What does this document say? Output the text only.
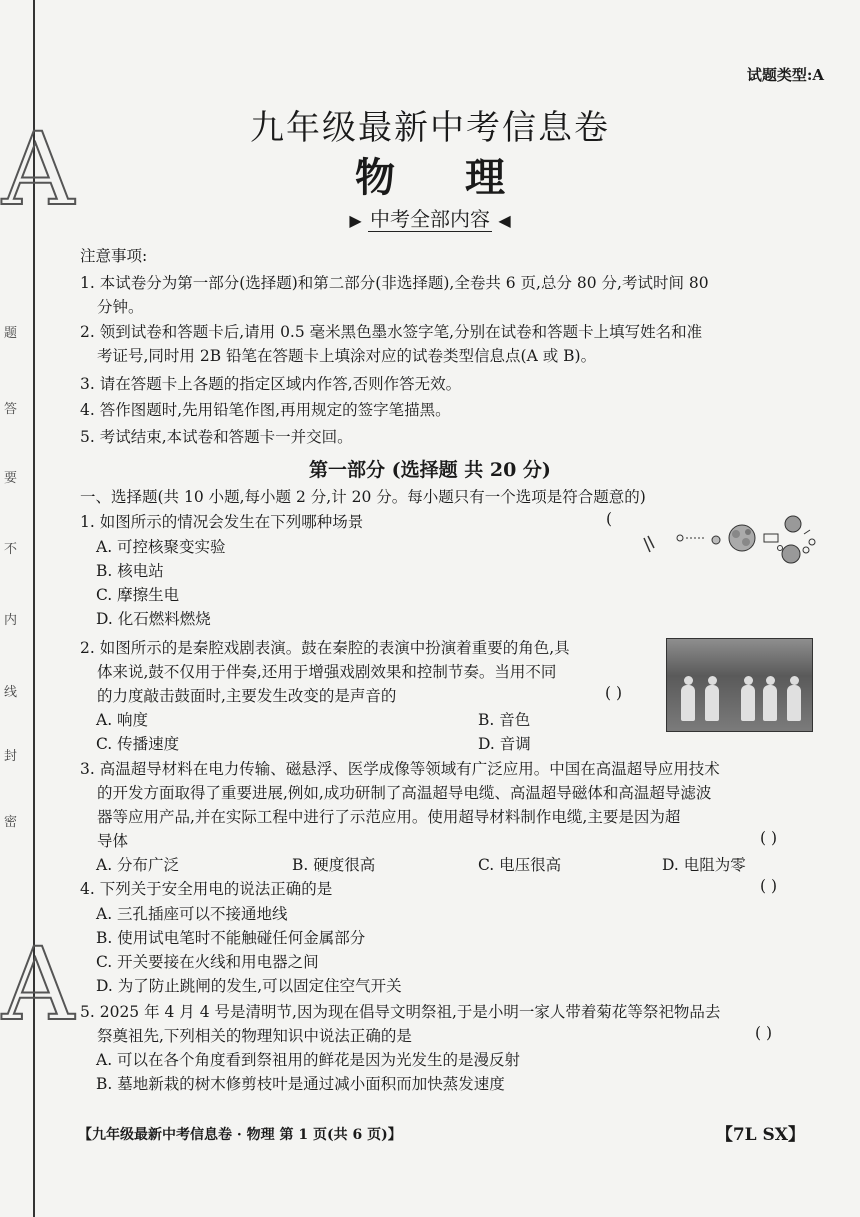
A
A
题
答
要
不
内
线
封
密
试题类型:A
九年级最新中考信息卷
物理
▶ 中考全部内容 ◀
注意事项:
1. 本试卷分为第一部分(选择题)和第二部分(非选择题),全卷共 6 页,总分 80 分,考试时间 80
分钟。
2. 领到试卷和答题卡后,请用 0.5 毫米黑色墨水签字笔,分别在试卷和答题卡上填写姓名和准
考证号,同时用 2B 铅笔在答题卡上填涂对应的试卷类型信息点(A 或 B)。
3. 请在答题卡上各题的指定区域内作答,否则作答无效。
4. 答作图题时,先用铅笔作图,再用规定的签字笔描黑。
5. 考试结束,本试卷和答题卡一并交回。
第一部分 (选择题 共 20 分)
一、选择题(共 10 小题,每小题 2 分,计 20 分。每小题只有一个选项是符合题意的)
1. 如图所示的情况会发生在下列哪种场景	(
A. 可控核聚变实验
B. 核电站
C. 摩擦生电
D. 化石燃料燃烧
2. 如图所示的是秦腔戏剧表演。鼓在秦腔的表演中扮演着重要的角色,具
体来说,鼓不仅用于伴奏,还用于增强戏剧效果和控制节奏。当用不同
的力度敲击鼓面时,主要发生改变的是声音的	( )
A. 响度	B. 音色
C. 传播速度	D. 音调
3. 高温超导材料在电力传输、磁悬浮、医学成像等领域有广泛应用。中国在高温超导应用技术
的开发方面取得了重要进展,例如,成功研制了高温超导电缆、高温超导磁体和高温超导滤波
器等应用产品,并在实际工程中进行了示范应用。使用超导材料制作电缆,主要是因为超
导体	( )
A. 分布广泛	B. 硬度很高	C. 电压很高	D. 电阻为零
4. 下列关于安全用电的说法正确的是	( )
A. 三孔插座可以不接通地线
B. 使用试电笔时不能触碰任何金属部分
C. 开关要接在火线和用电器之间
D. 为了防止跳闸的发生,可以固定住空气开关
5. 2025 年 4 月 4 号是清明节,因为现在倡导文明祭祖,于是小明一家人带着菊花等祭祀物品去
祭奠祖先,下列相关的物理知识中说法正确的是	( )
A. 可以在各个角度看到祭祖用的鲜花是因为光发生的是漫反射
B. 墓地新栽的树木修剪枝叶是通过减小面积而加快蒸发速度
【九年级最新中考信息卷 · 物理 第 1 页(共 6 页)】	【7L SX】
